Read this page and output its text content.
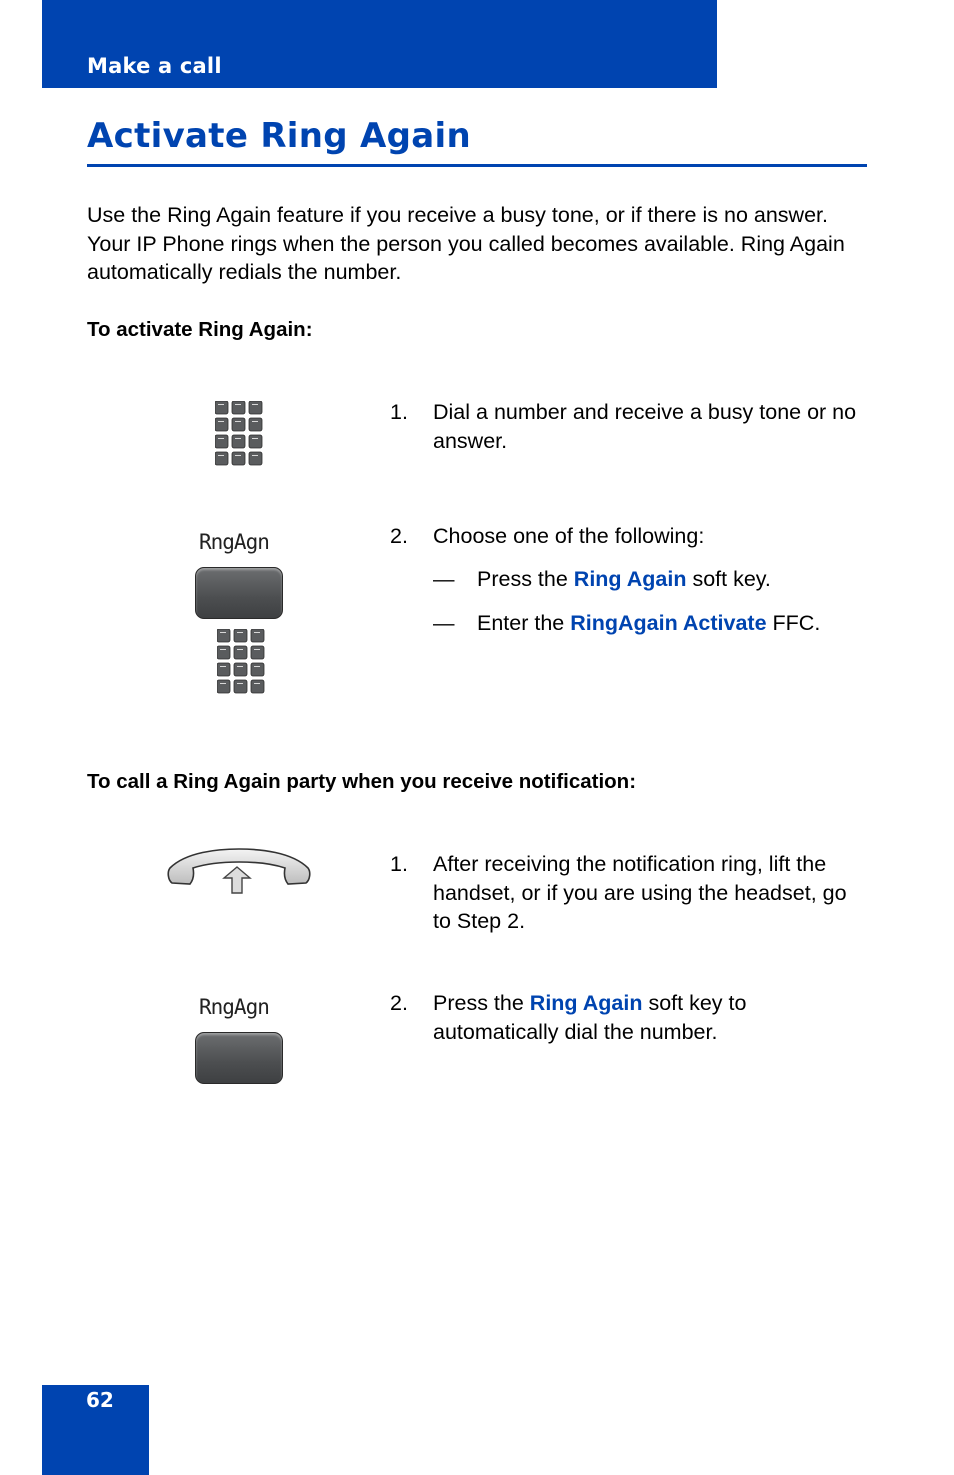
Make a call
Activate Ring Again

Use the Ring Again feature if you receive a busy tone, or if there is no answer. Your IP Phone rings when the person you called becomes available. Ring Again automatically redials the number.

To activate Ring Again:

1. Dial a number and receive a busy tone or no answer.
RngAgn	2. Choose one of the following:
— Press the Ring Again soft key.
— Enter the RingAgain Activate FFC.

To call a Ring Again party when you receive notification:

1. After receiving the notification ring, lift the handset, or if you are using the headset, go to Step 2.
RngAgn	2. Press the Ring Again soft key to automatically dial the number.
62
